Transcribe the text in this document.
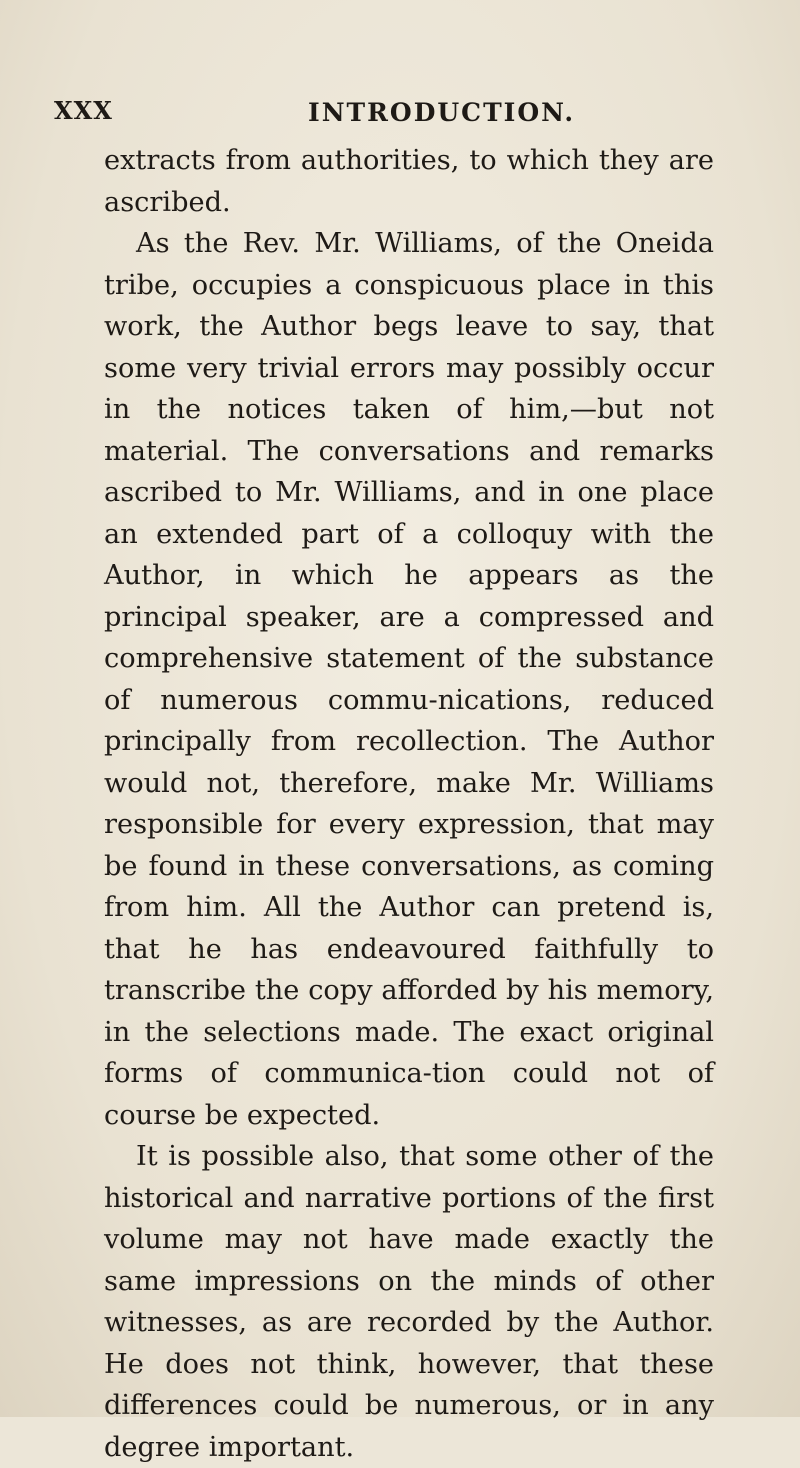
XXX	INTRODUCTION.

extracts from authorities, to which they are ascribed.

As the Rev. Mr. Williams, of the Oneida tribe, occupies a conspicuous place in this work, the Author begs leave to say, that some very trivial errors may possibly occur in the notices taken of him,—but not material. The conversations and remarks ascribed to Mr. Williams, and in one place an extended part of a colloquy with the Author, in which he appears as the principal speaker, are a compressed and comprehensive statement of the substance of numerous commu-nications, reduced principally from recollection. The Author would not, therefore, make Mr. Williams responsible for every expression, that may be found in these conversations, as coming from him. All the Author can pretend is, that he has endeavoured faithfully to transcribe the copy afforded by his memory, in the selections made. The exact original forms of communica-tion could not of course be expected.

It is possible also, that some other of the historical and narrative portions of the first volume may not have made exactly the same impressions on the minds of other witnesses, as are recorded by the Author. He does not think, however, that these differences could be numerous, or in any degree important.
